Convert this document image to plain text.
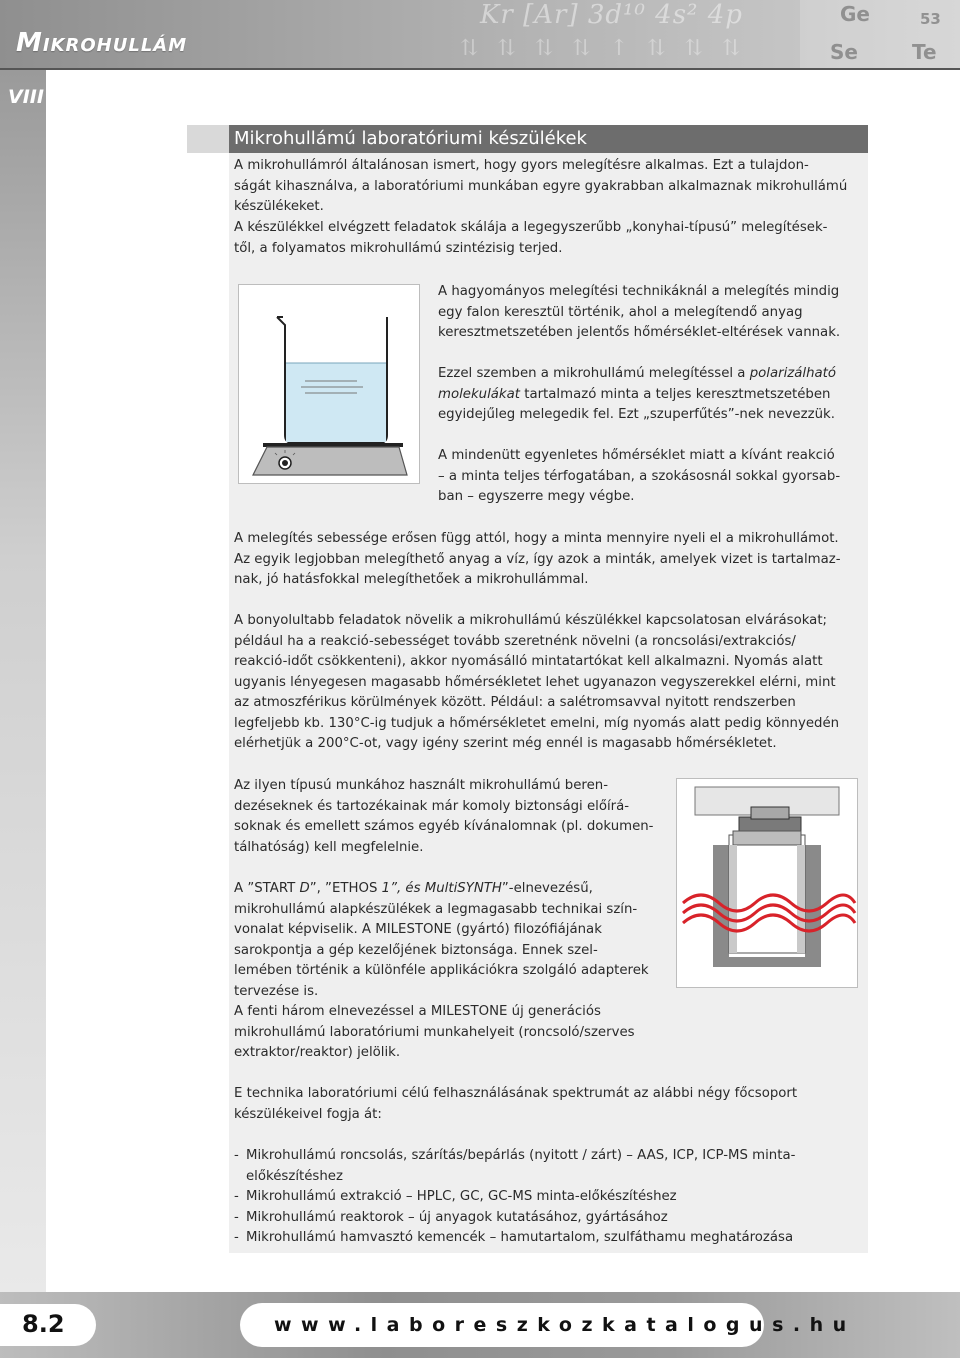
Kr [Ar] 3d¹⁰ 4s² 4p
⇅ ⇅ ⇅ ⇅ ↑ ⇅ ⇅ ⇅
Ge
Se	Te
53
Mikrohullám

VIII

Mikrohullámú laboratóriumi készülékek

A mikrohullámról általánosan ismert, hogy gyors melegítésre alkalmas. Ezt a tulajdon-
ságát kihasználva, a laboratóriumi munkában egyre gyakrabban alkalmaznak mikrohullámú
készülékeket.

A készülékkel elvégzett feladatok skálája a legegyszerűbb „konyhai-típusú” melegítések-
től, a folyamatos mikrohullámú szintézisig terjed.

A hagyományos melegítési technikáknál a melegítés mindig
egy falon keresztül történik, ahol a melegítendő anyag
keresztmetszetében jelentős hőmérséklet-eltérések vannak.

Ezzel szemben a mikrohullámú melegítéssel a polarizálható
molekulákat tartalmazó minta a teljes keresztmetszetében
egyidejűleg melegedik fel. Ezt „szuperfűtés”-nek nevezzük.

A mindenütt egyenletes hőmérséklet miatt a kívánt reakció
– a minta teljes térfogatában, a szokásosnál sokkal gyorsab-
ban – egyszerre megy végbe.

A melegítés sebessége erősen függ attól, hogy a minta mennyire nyeli el a mikrohullámot.
Az egyik legjobban melegíthető anyag a víz, így azok a minták, amelyek vizet is tartalmaz-
nak, jó hatásfokkal melegíthetőek a mikrohullámmal.

A bonyolultabb feladatok növelik a mikrohullámú készülékkel kapcsolatosan elvárásokat;
például ha a reakció-sebességet tovább szeretnénk növelni (a roncsolási/extrakciós/
reakció-időt csökkenteni), akkor nyomásálló mintatartókat kell alkalmazni. Nyomás alatt
ugyanis lényegesen magasabb hőmérsékletet lehet ugyanazon vegyszerekkel elérni, mint
az atmoszférikus körülmények között. Például: a salétromsavval nyitott rendszerben
legfeljebb kb. 130°C-ig tudjuk a hőmérsékletet emelni, míg nyomás alatt pedig könnyedén
elérhetjük a 200°C-ot, vagy igény szerint még ennél is magasabb hőmérsékletet.

Az ilyen típusú munkához használt mikrohullámú beren-
dezéseknek és tartozékainak már komoly biztonsági előírá-
soknak és emellett számos egyéb kívánalomnak (pl. dokumen-
tálhatóság) kell megfelelnie.

A ”START D”, ”ETHOS 1”, és MultiSYNTH”-elnevezésű,
mikrohullámú alapkészülékek a legmagasabb technikai szín-
vonalat képviselik. A MILESTONE (gyártó) filozófiájának
sarokpontja a gép kezelőjének biztonsága. Ennek szel-
lemében történik a különféle applikációkra szolgáló adapterek
tervezése is.

A fenti három elnevezéssel a MILESTONE új generációs
mikrohullámú laboratóriumi munkahelyeit (roncsoló/szerves
extraktor/reaktor) jelölik.

E technika laboratóriumi célú felhasználásának spektrumát az alábbi négy főcsoport
készülékeivel fogja át:

- Mikrohullámú roncsolás, szárítás/bepárlás (nyitott / zárt) – AAS, ICP, ICP-MS minta-
előkészítéshez
- Mikrohullámú extrakció – HPLC, GC, GC-MS minta-előkészítéshez
- Mikrohullámú reaktorok – új anyagok kutatásához, gyártásához
- Mikrohullámú hamvasztó kemencék – hamutartalom, szulfáthamu meghatározása

8.2	www.laboreszkozkatalogus.hu
